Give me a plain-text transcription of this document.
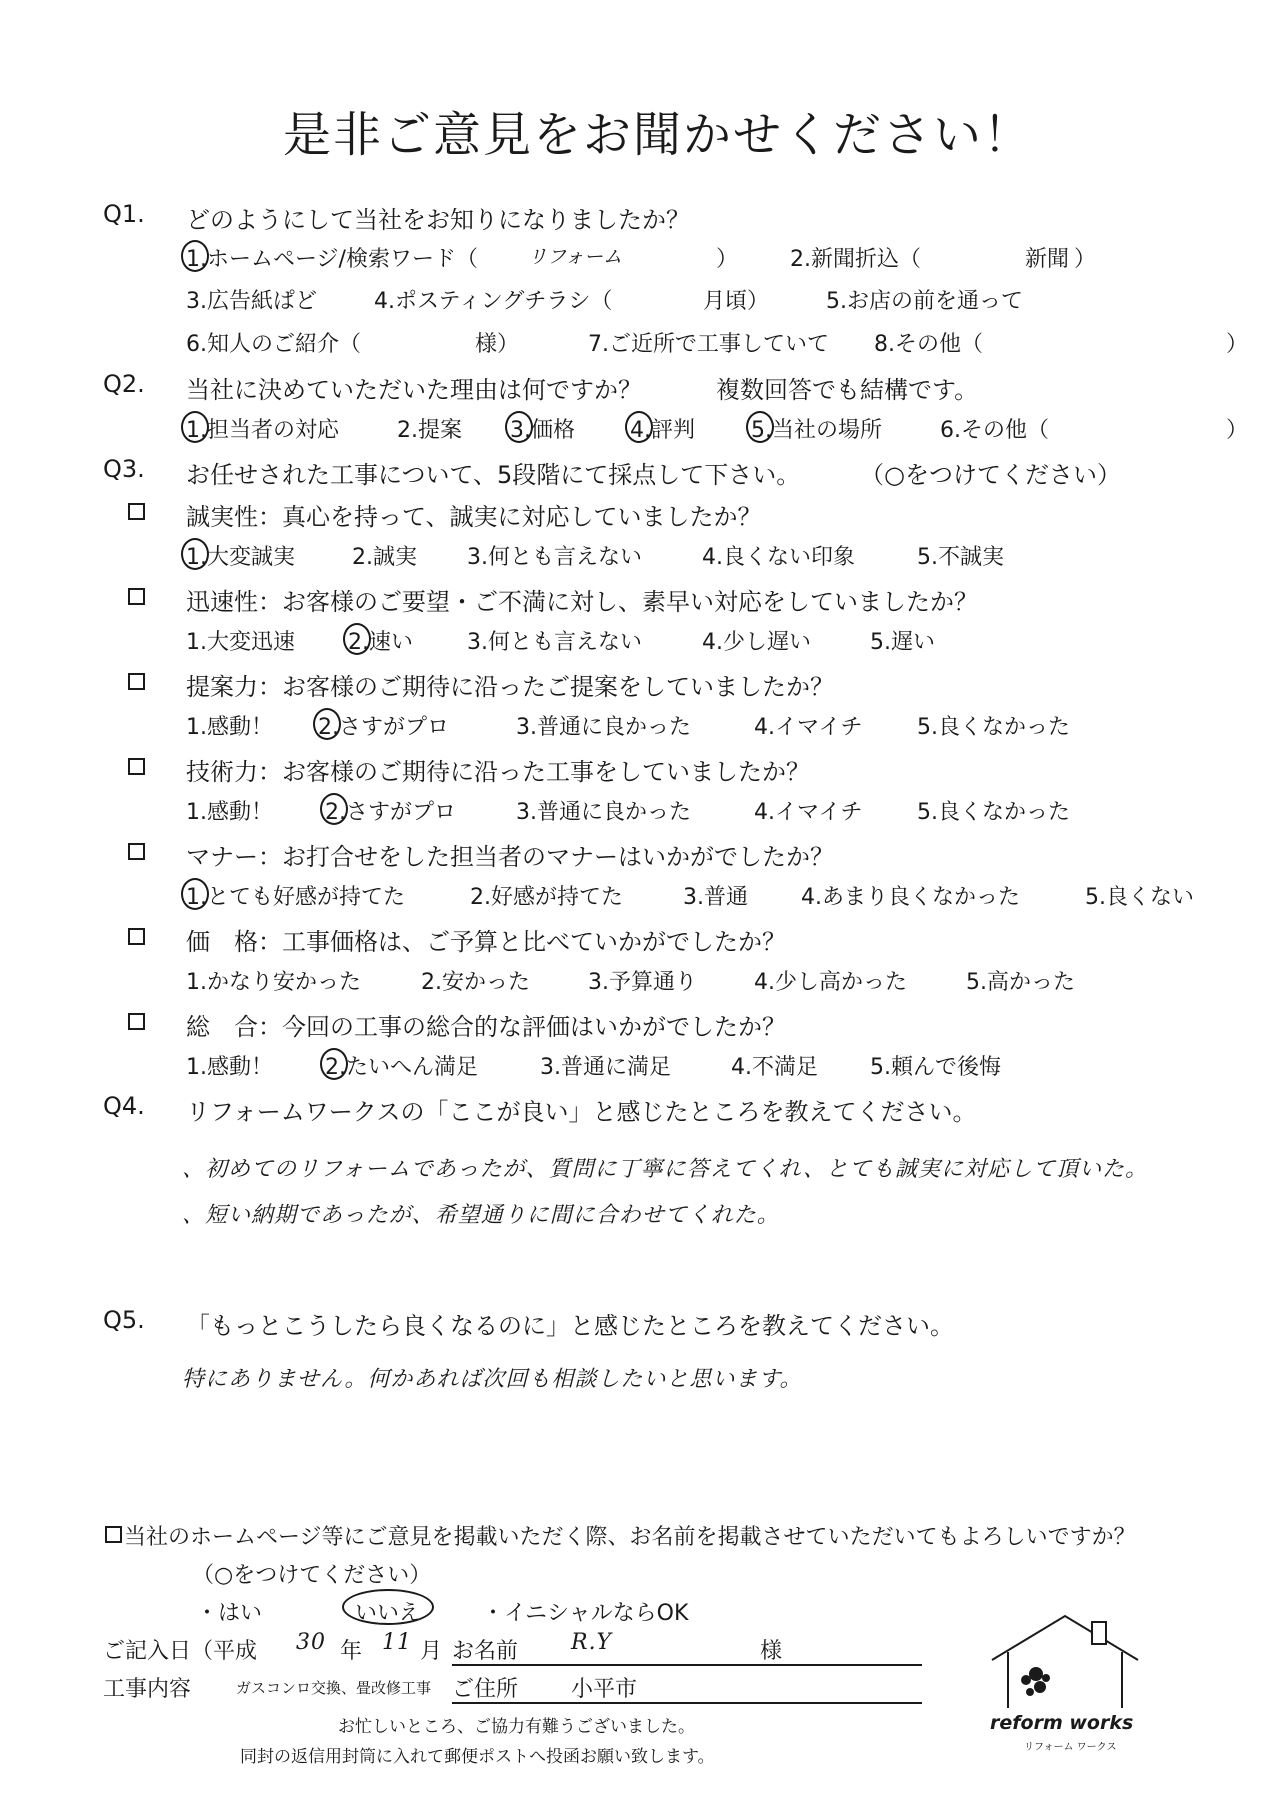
是非ご意見をお聞かせください！
Q1. どのようにして当社をお知りになりましたか？
1.ホームページ/検索ワード（	リフォーム	） 2.新聞折込（	新聞 ）
3.広告紙ぱど	4.ポスティングチラシ（	月頃）	5.お店の前を通って
6.知人のご紹介（	様）	7.ご近所で工事していて 8.その他（	）
Q2. 当社に決めていただいた理由は何ですか？	複数回答でも結構です。
1.担当者の対応	2.提案 3.価格	4.評判	5.当社の場所	6.その他（	）
Q3. お任せされた工事について、5段階にて採点して下さい。 （○をつけてください）
誠実性：真心を持って、誠実に対応していましたか？
1.大変誠実	2.誠実 3.何とも言えない	4.良くない印象	5.不誠実
迅速性：お客様のご要望・ご不満に対し、素早い対応をしていましたか？
1.大変迅速 2.速い 3.何とも言えない	4.少し遅い	5.遅い
提案力：お客様のご期待に沿ったご提案をしていましたか？
1.感動！ 2.さすがプロ	3.普通に良かった	4.イマイチ 5.良くなかった
技術力：お客様のご期待に沿った工事をしていましたか？
1.感動！ 2.さすがプロ	3.普通に良かった	4.イマイチ 5.良くなかった
マナー：お打合せをした担当者のマナーはいかがでしたか？
1.とても好感が持てた	2.好感が持てた	3.普通 4.あまり良くなかった	5.良くない
価　格：工事価格は、ご予算と比べていかがでしたか？
1.かなり安かった	2.安かった	3.予算通り	4.少し高かった	5.高かった
総　合：今回の工事の総合的な評価はいかがでしたか？
1.感動！ 2.たいへん満足	3.普通に満足	4.不満足 5.頼んで後悔
Q4. リフォームワークスの「ここが良い」と感じたところを教えてください。
、初めてのリフォームであったが、質問に丁寧に答えてくれ、とても誠実に対応して頂いた。
、短い納期であったが、希望通りに間に合わせてくれた。
Q5. 「もっとこうしたら良くなるのに」と感じたところを教えてください。
特にありません。何かあれば次回も相談したいと思います。
当社のホームページ等にご意見を掲載いただく際、お名前を掲載させていただいてもよろしいですか？
（○をつけてください）
・はい	いいえ	・イニシャルならOK
ご記入日（平成 30 年 11 月 お名前 R.Y	様
工事内容	ガスコンロ交換、畳改修工事 ご住所 小平市
お忙しいところ、ご協力有難うございました。
同封の返信用封筒に入れて郵便ポストへ投函お願い致します。
reform works
リフォーム ワークス
